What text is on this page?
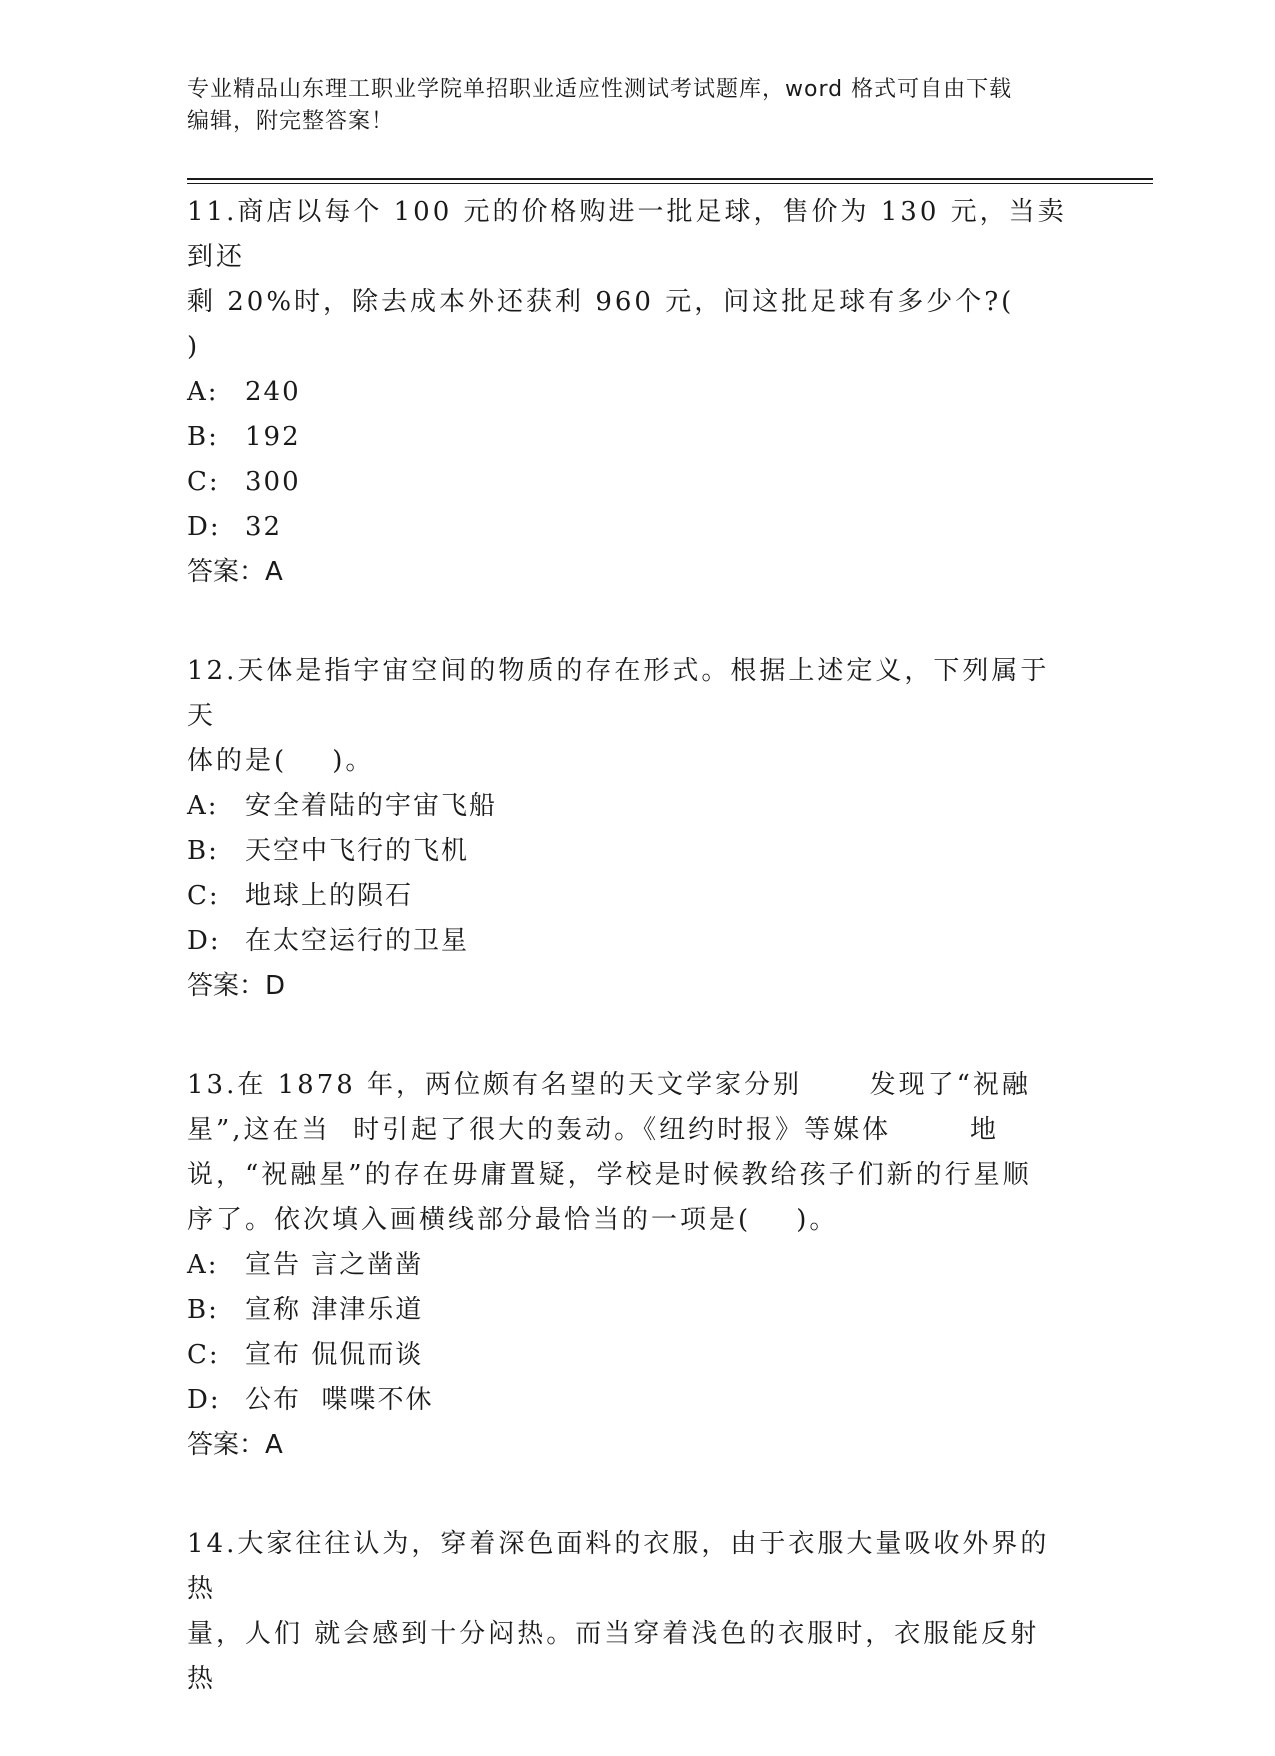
专业精品山东理工职业学院单招职业适应性测试考试题库，word 格式可自由下载
编辑，附完整答案！
11.商店以每个 100 元的价格购进一批足球，售价为 130 元，当卖到还
剩 20%时，除去成本外还获利 960 元，问这批足球有多少个?(    )
A: 240
B: 192
C: 300
D: 32
答案：A
12.天体是指宇宙空间的物质的存在形式。根据上述定义，下列属于天
体的是(    )。
A: 安全着陆的宇宙飞船
B: 天空中飞行的飞机
C: 地球上的陨石
D: 在太空运行的卫星
答案：D
13.在 1878 年，两位颇有名望的天文学家分别      发现了“祝融
星”,这在当  时引起了很大的轰动。《纽约时报》等媒体       地
说，“祝融星”的存在毋庸置疑，学校是时候教给孩子们新的行星顺
序了。依次填入画横线部分最恰当的一项是(    )。
A: 宣告 言之凿凿
B: 宣称 津津乐道
C: 宣布 侃侃而谈
D: 公布  喋喋不休
答案：A
14.大家往往认为，穿着深色面料的衣服，由于衣服大量吸收外界的热
量，人们 就会感到十分闷热。而当穿着浅色的衣服时，衣服能反射热
